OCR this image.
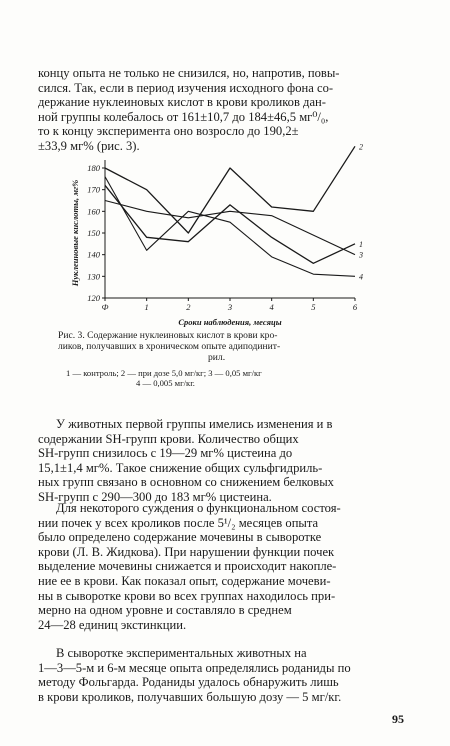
концу опыта не только не снизился, но, напротив, повы-
сился. Так, если в период изучения исходного фона со-
держание нуклеиновых кислот в крови кроликов дан-
ной группы колебалось от 161±10,7 до 184±46,5 мг⁰/₀,
то к концу эксперимента оно возросло до 190,2±
±33,9 мг% (рис. 3).
120
130
140
150
160
170
180
Ф	1	2	3	4	5	6
Сроки наблюдения, месяцы
Нуклеиновые кислоты, мг%	1
2
3
4
Рис. 3. Содержание нуклеиновых кислот в крови кро-
ликов, получавших в хроническом опыте адиподинит-
рил.
1 — контроль; 2 — при дозе 5,0 мг/кг; 3 — 0,05 мг/кг
4 — 0,005 мг/кг.
У животных первой группы имелись изменения и в
содержании SH-групп крови. Количество общих
SH-групп снизилось с 19—29 мг% цистеина до
15,1±1,4 мг%. Такое снижение общих сульфгидриль-
ных групп связано в основном со снижением белковых
SH-групп с 290—300 до 183 мг% цистеина.
Для некоторого суждения о функциональном состоя-
нии почек у всех кроликов после 5¹/₂ месяцев опыта
было определено содержание мочевины в сыворотке
крови (Л. В. Жидкова). При нарушении функции почек
выделение мочевины снижается и происходит накопле-
ние ее в крови. Как показал опыт, содержание мочеви-
ны в сыворотке крови во всех группах находилось при-
мерно на одном уровне и составляло в среднем
24—28 единиц экстинкции.
В сыворотке экспериментальных животных на
1—3—5-м и 6-м месяце опыта определялись роданиды по
методу Фольгарда. Роданиды удалось обнаружить лишь
в крови кроликов, получавших большую дозу — 5 мг/кг.
95
